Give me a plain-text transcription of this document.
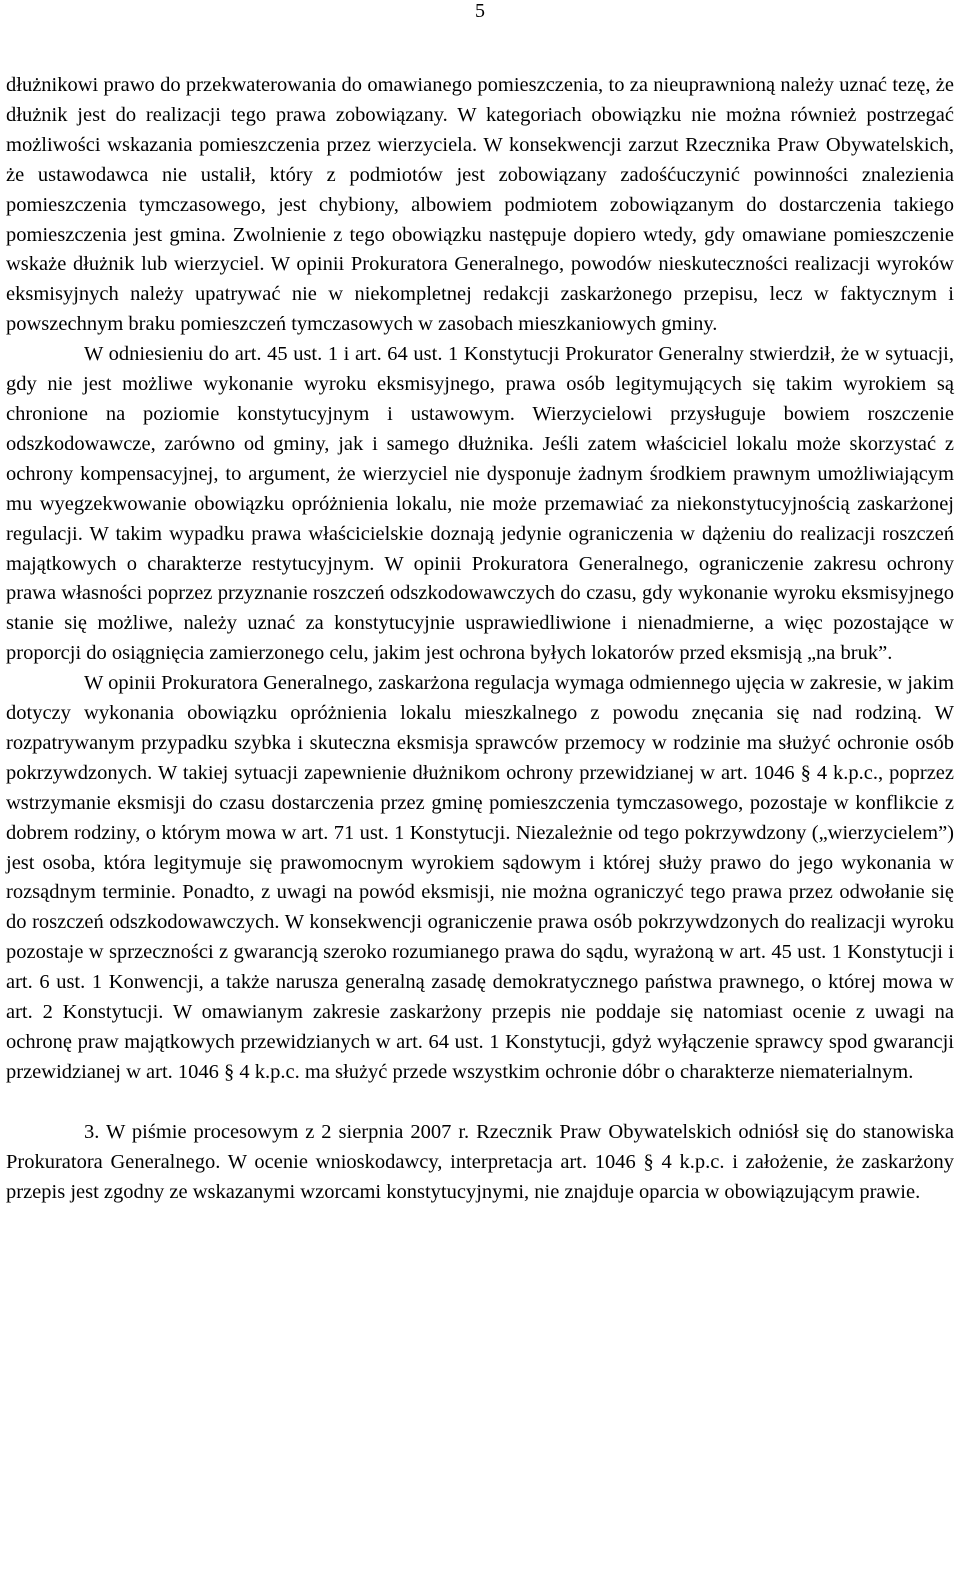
5

dłużnikowi prawo do przekwaterowania do omawianego pomieszczenia, to za nieuprawnioną należy uznać tezę, że dłużnik jest do realizacji tego prawa zobowiązany. W kategoriach obowiązku nie można również postrzegać możliwości wskazania pomieszczenia przez wierzyciela. W konsekwencji zarzut Rzecznika Praw Obywatelskich, że ustawodawca nie ustalił, który z podmiotów jest zobowiązany zadośćuczynić powinności znalezienia pomieszczenia tymczasowego, jest chybiony, albowiem podmiotem zobowiązanym do dostarczenia takiego pomieszczenia jest gmina. Zwolnienie z tego obowiązku następuje dopiero wtedy, gdy omawiane pomieszczenie wskaże dłużnik lub wierzyciel. W opinii Prokuratora Generalnego, powodów nieskuteczności realizacji wyroków eksmisyjnych należy upatrywać nie w niekompletnej redakcji zaskarżonego przepisu, lecz w faktycznym i powszechnym braku pomieszczeń tymczasowych w zasobach mieszkaniowych gminy.

W odniesieniu do art. 45 ust. 1 i art. 64 ust. 1 Konstytucji Prokurator Generalny stwierdził, że w sytuacji, gdy nie jest możliwe wykonanie wyroku eksmisyjnego, prawa osób legitymujących się takim wyrokiem są chronione na poziomie konstytucyjnym i ustawowym. Wierzycielowi przysługuje bowiem roszczenie odszkodowawcze, zarówno od gminy, jak i samego dłużnika. Jeśli zatem właściciel lokalu może skorzystać z ochrony kompensacyjnej, to argument, że wierzyciel nie dysponuje żadnym środkiem prawnym umożliwiającym mu wyegzekwowanie obowiązku opróżnienia lokalu, nie może przemawiać za niekonstytucyjnością zaskarżonej regulacji. W takim wypadku prawa właścicielskie doznają jedynie ograniczenia w dążeniu do realizacji roszczeń majątkowych o charakterze restytucyjnym. W opinii Prokuratora Generalnego, ograniczenie zakresu ochrony prawa własności poprzez przyznanie roszczeń odszkodowawczych do czasu, gdy wykonanie wyroku eksmisyjnego stanie się możliwe, należy uznać za konstytucyjnie usprawiedliwione i nienadmierne, a więc pozostające w proporcji do osiągnięcia zamierzonego celu, jakim jest ochrona byłych lokatorów przed eksmisją „na bruk”.

W opinii Prokuratora Generalnego, zaskarżona regulacja wymaga odmiennego ujęcia w zakresie, w jakim dotyczy wykonania obowiązku opróżnienia lokalu mieszkalnego z powodu znęcania się nad rodziną. W rozpatrywanym przypadku szybka i skuteczna eksmisja sprawców przemocy w rodzinie ma służyć ochronie osób pokrzywdzonych. W takiej sytuacji zapewnienie dłużnikom ochrony przewidzianej w art. 1046 § 4 k.p.c., poprzez wstrzymanie eksmisji do czasu dostarczenia przez gminę pomieszczenia tymczasowego, pozostaje w konflikcie z dobrem rodziny, o którym mowa w art. 71 ust. 1 Konstytucji. Niezależnie od tego pokrzywdzony („wierzycielem”) jest osoba, która legitymuje się prawomocnym wyrokiem sądowym i której służy prawo do jego wykonania w rozsądnym terminie. Ponadto, z uwagi na powód eksmisji, nie można ograniczyć tego prawa przez odwołanie się do roszczeń odszkodowawczych. W konsekwencji ograniczenie prawa osób pokrzywdzonych do realizacji wyroku pozostaje w sprzeczności z gwarancją szeroko rozumianego prawa do sądu, wyrażoną w art. 45 ust. 1 Konstytucji i art. 6 ust. 1 Konwencji, a także narusza generalną zasadę demokratycznego państwa prawnego, o której mowa w art. 2 Konstytucji. W omawianym zakresie zaskarżony przepis nie poddaje się natomiast ocenie z uwagi na ochronę praw majątkowych przewidzianych w art. 64 ust. 1 Konstytucji, gdyż wyłączenie sprawcy spod gwarancji przewidzianej w art. 1046 § 4 k.p.c. ma służyć przede wszystkim ochronie dóbr o charakterze niematerialnym.

3. W piśmie procesowym z 2 sierpnia 2007 r. Rzecznik Praw Obywatelskich odniósł się do stanowiska Prokuratora Generalnego. W ocenie wnioskodawcy, interpretacja art. 1046 § 4 k.p.c. i założenie, że zaskarżony przepis jest zgodny ze wskazanymi wzorcami konstytucyjnymi, nie znajduje oparcia w obowiązującym prawie.
